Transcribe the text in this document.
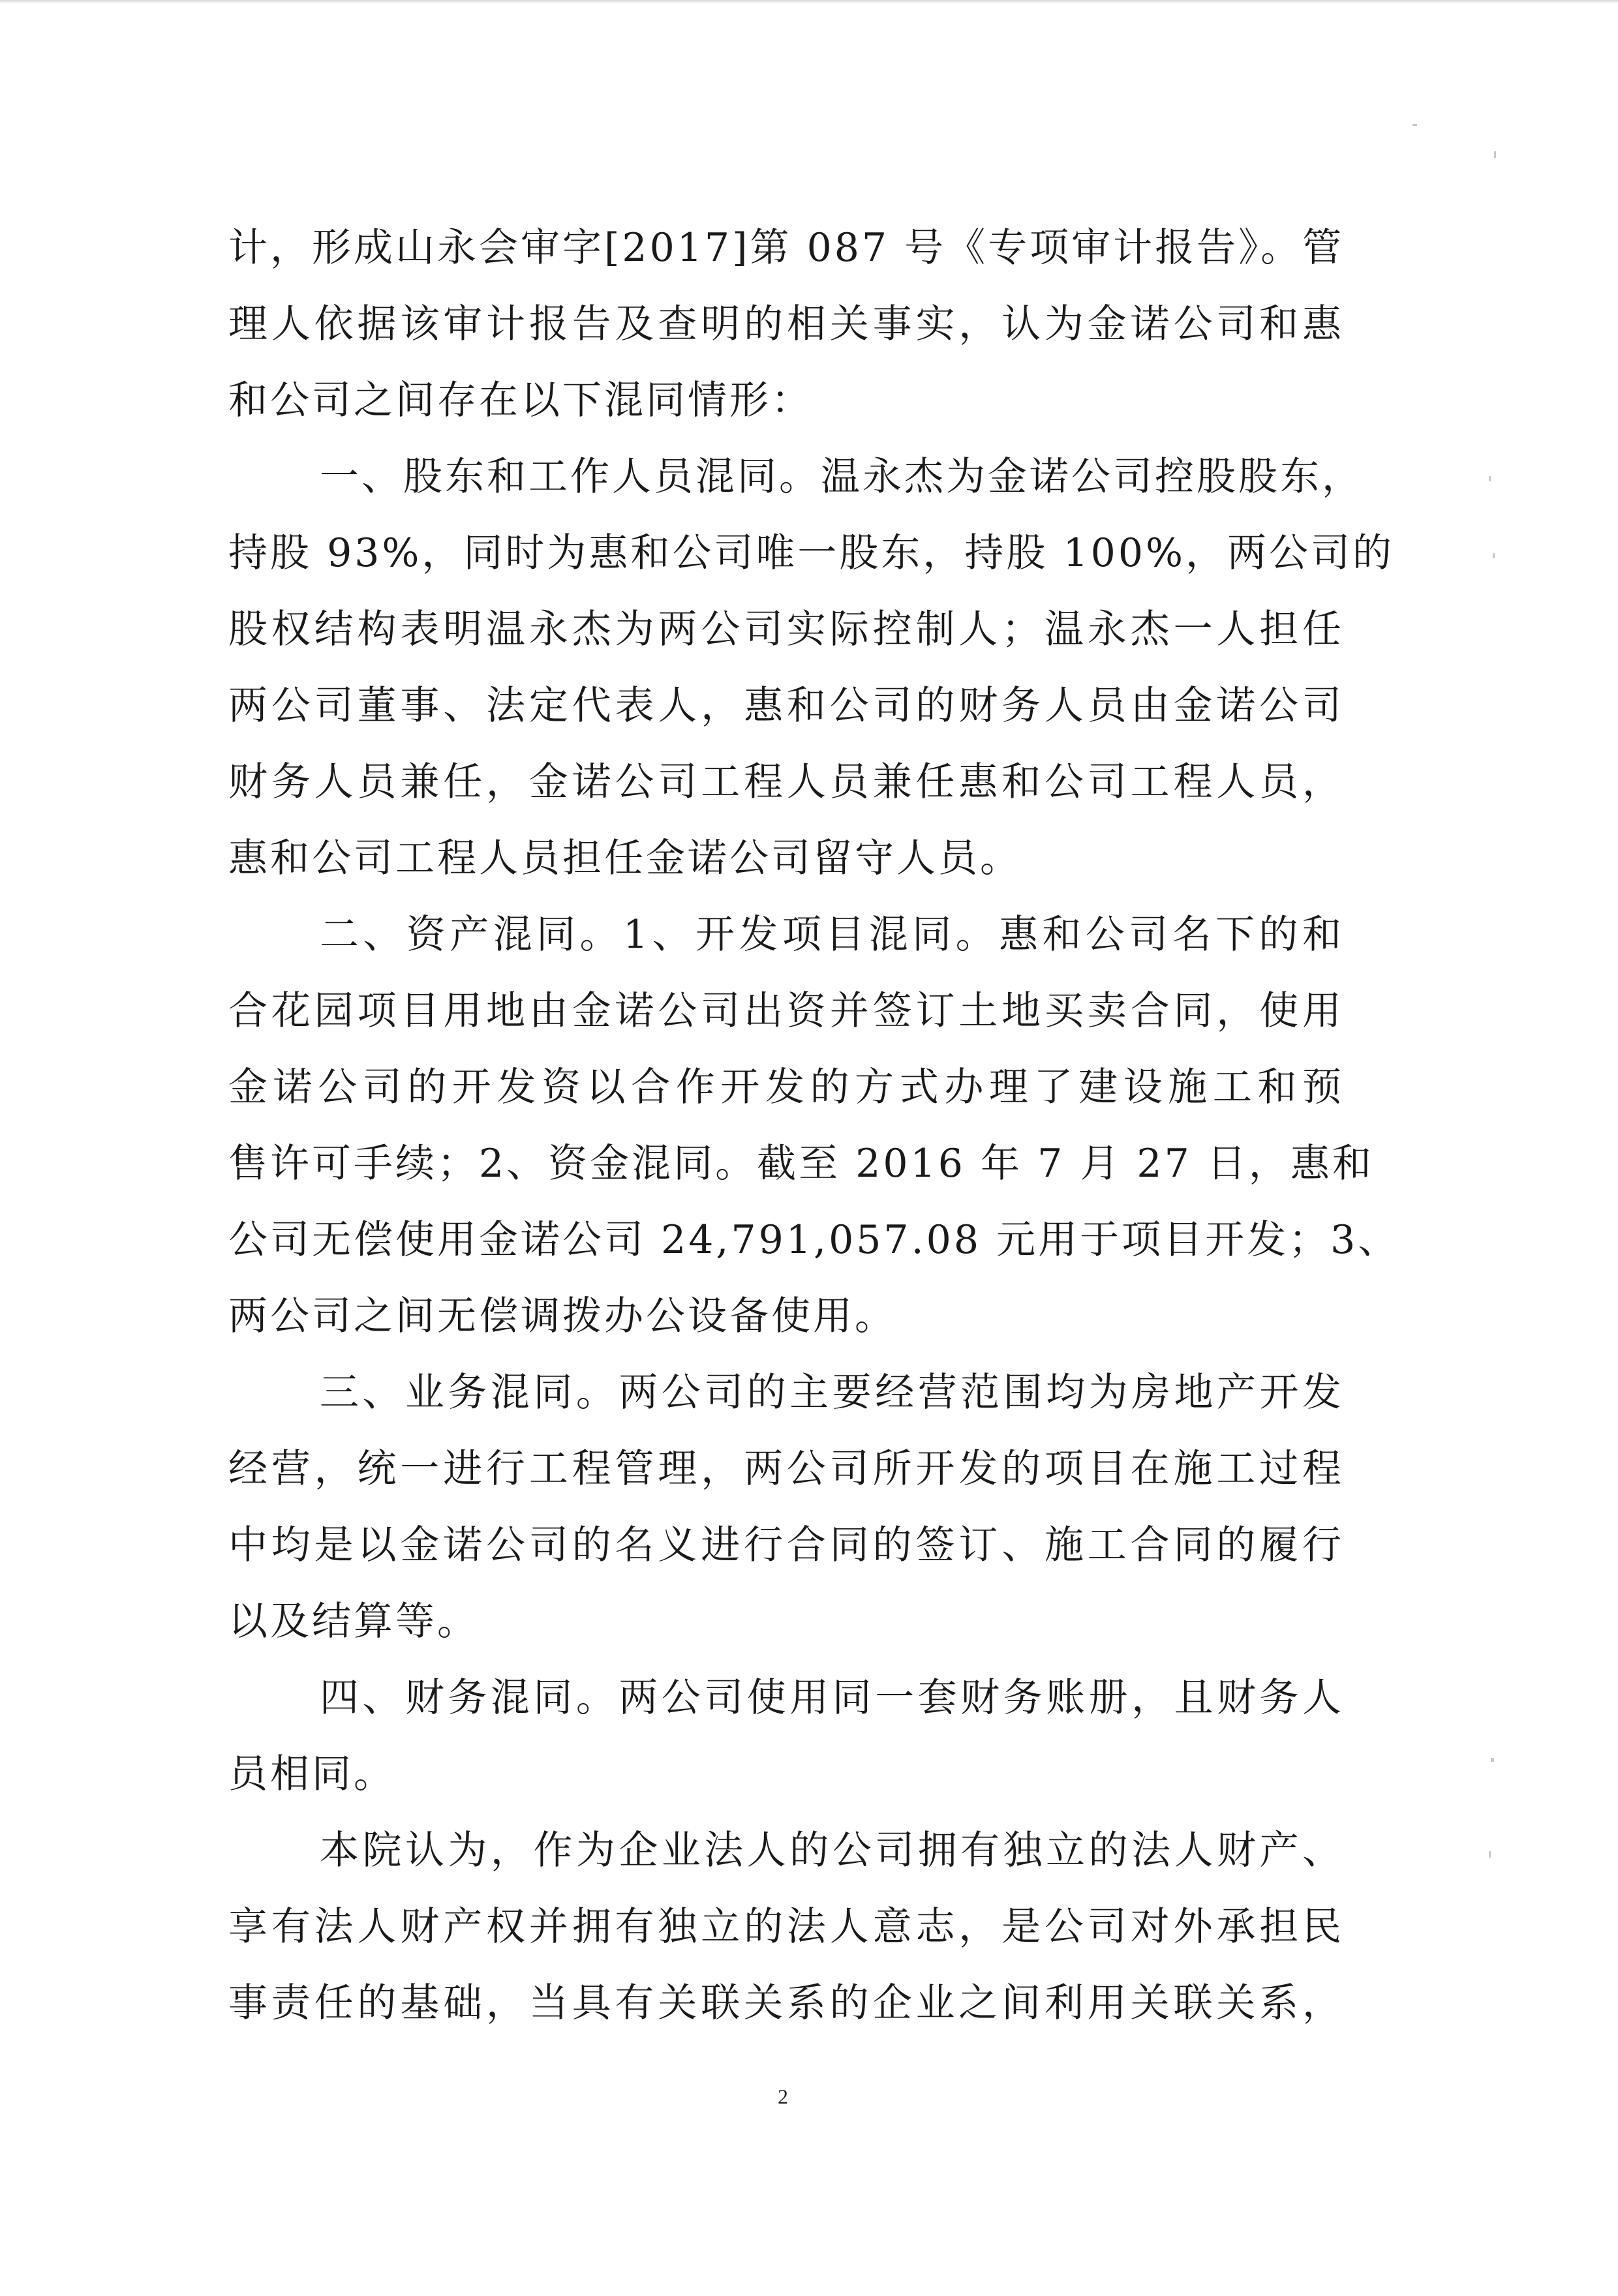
计，形成山永会审字[2017]第 087 号《专项审计报告》。管
理人依据该审计报告及查明的相关事实，认为金诺公司和惠
和公司之间存在以下混同情形：
一、股东和工作人员混同。温永杰为金诺公司控股股东，
持股 93%，同时为惠和公司唯一股东，持股 100%，两公司的
股权结构表明温永杰为两公司实际控制人；温永杰一人担任
两公司董事、法定代表人，惠和公司的财务人员由金诺公司
财务人员兼任，金诺公司工程人员兼任惠和公司工程人员，
惠和公司工程人员担任金诺公司留守人员。
二、资产混同。1、开发项目混同。惠和公司名下的和
合花园项目用地由金诺公司出资并签订土地买卖合同，使用
金诺公司的开发资以合作开发的方式办理了建设施工和预
售许可手续；2、资金混同。截至 2016 年 7 月 27 日，惠和
公司无偿使用金诺公司 24,791,057.08 元用于项目开发；3、
两公司之间无偿调拨办公设备使用。
三、业务混同。两公司的主要经营范围均为房地产开发
经营，统一进行工程管理，两公司所开发的项目在施工过程
中均是以金诺公司的名义进行合同的签订、施工合同的履行
以及结算等。
四、财务混同。两公司使用同一套财务账册，且财务人
员相同。
本院认为，作为企业法人的公司拥有独立的法人财产、
享有法人财产权并拥有独立的法人意志，是公司对外承担民
事责任的基础，当具有关联关系的企业之间利用关联关系，
2
